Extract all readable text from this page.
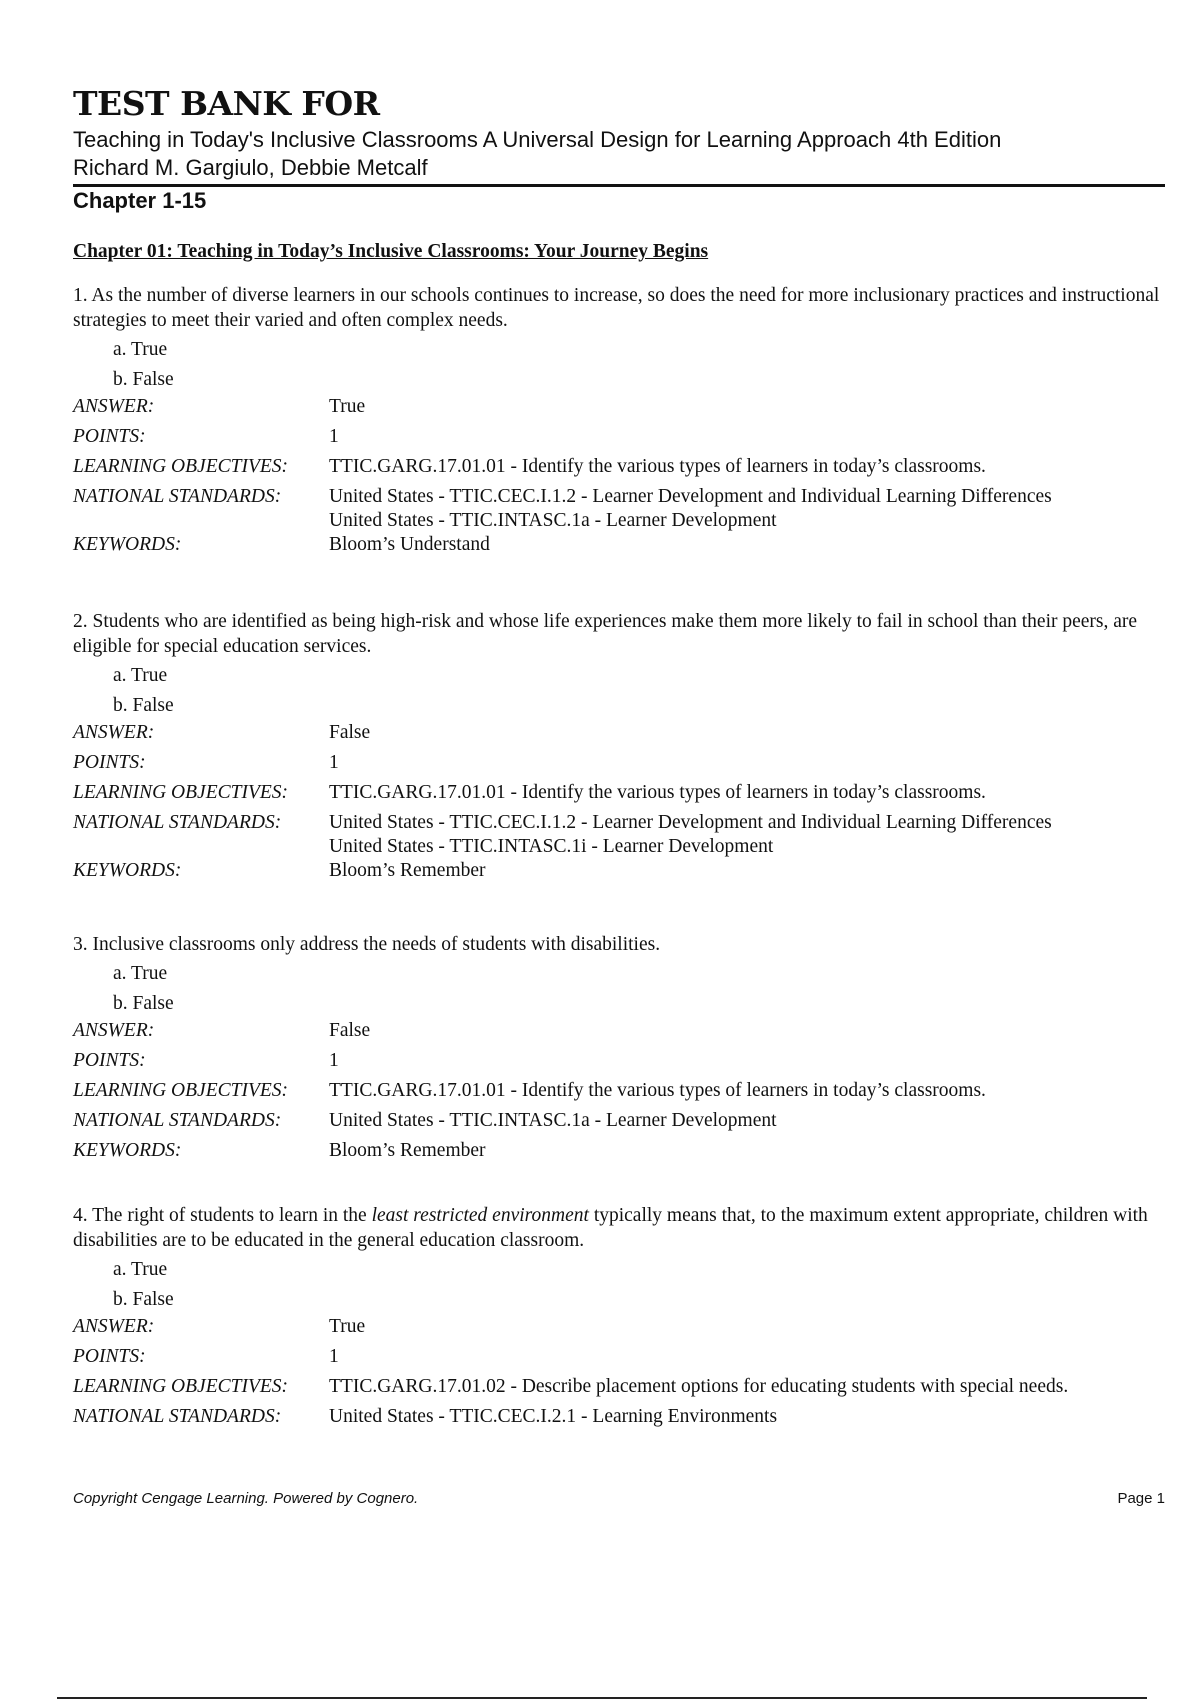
TEST BANK FOR
Teaching in Today's Inclusive Classrooms A Universal Design for Learning Approach 4th Edition
Richard M. Gargiulo, Debbie Metcalf
Chapter 1-15
Chapter 01: Teaching in Today’s Inclusive Classrooms: Your Journey Begins

1. As the number of diverse learners in our schools continues to increase, so does the need for more inclusionary practices and instructional strategies to meet their varied and often complex needs.

a. True

b. False

ANSWER:	True
POINTS:	1
LEARNING OBJECTIVES:	TTIC.GARG.17.01.01 - Identify the various types of learners in today’s classrooms.
NATIONAL STANDARDS:	United States - TTIC.CEC.I.1.2 - Learner Development and Individual Learning Differences
United States - TTIC.INTASC.1a - Learner Development
KEYWORDS:	Bloom’s Understand

2. Students who are identified as being high-risk and whose life experiences make them more likely to fail in school than their peers, are eligible for special education services.

a. True

b. False

ANSWER:	False
POINTS:	1
LEARNING OBJECTIVES:	TTIC.GARG.17.01.01 - Identify the various types of learners in today’s classrooms.
NATIONAL STANDARDS:	United States - TTIC.CEC.I.1.2 - Learner Development and Individual Learning Differences
United States - TTIC.INTASC.1i - Learner Development
KEYWORDS:	Bloom’s Remember

3. Inclusive classrooms only address the needs of students with disabilities.

a. True

b. False

ANSWER:	False
POINTS:	1
LEARNING OBJECTIVES:	TTIC.GARG.17.01.01 - Identify the various types of learners in today’s classrooms.
NATIONAL STANDARDS:	United States - TTIC.INTASC.1a - Learner Development
KEYWORDS:	Bloom’s Remember

4. The right of students to learn in the least restricted environment typically means that, to the maximum extent appropriate, children with disabilities are to be educated in the general education classroom.

a. True

b. False

ANSWER:	True
POINTS:	1
LEARNING OBJECTIVES:	TTIC.GARG.17.01.02 - Describe placement options for educating students with special needs.
NATIONAL STANDARDS:	United States - TTIC.CEC.I.2.1 - Learning Environments
Copyright Cengage Learning. Powered by Cognero.	Page 1
